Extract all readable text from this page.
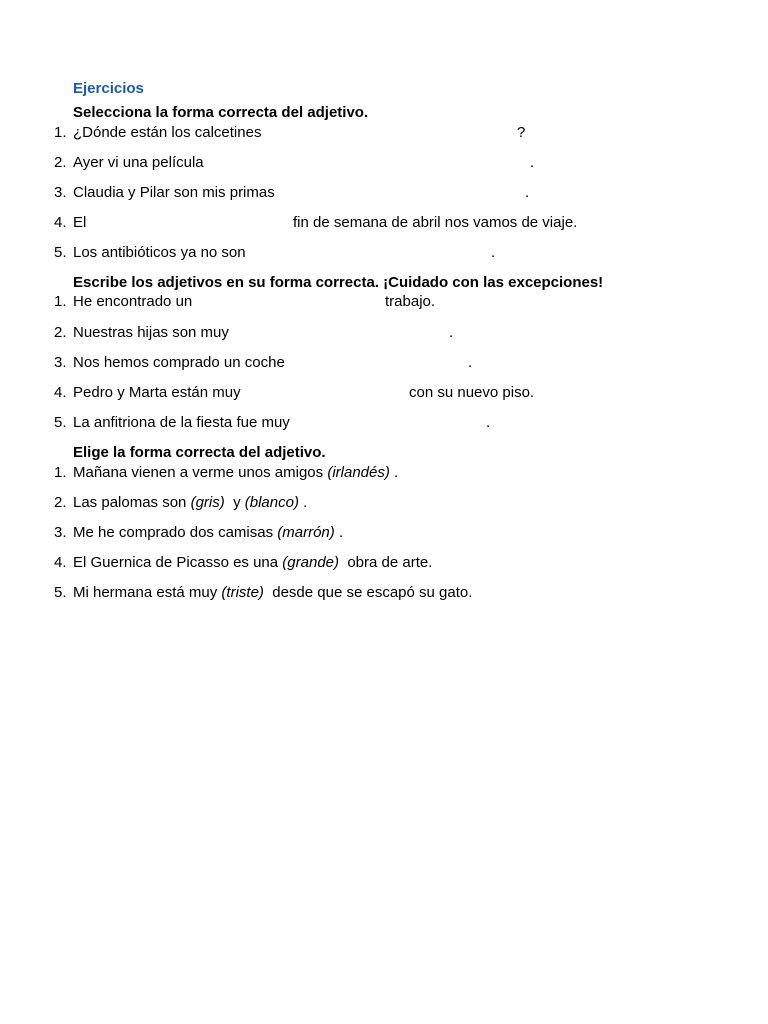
Ejercicios
Selecciona la forma correcta del adjetivo.
1. ¿Dónde están los calcetines	?
2. Ayer vi una película	.
3. Claudia y Pilar son mis primas	.
4. El	fin de semana de abril nos vamos de viaje.
5. Los antibióticos ya no son	.
Escribe los adjetivos en su forma correcta. ¡Cuidado con las excepciones!
1. He encontrado un	trabajo.
2. Nuestras hijas son muy	.
3. Nos hemos comprado un coche	.
4. Pedro y Marta están muy	con su nuevo piso.
5. La anfitriona de la fiesta fue muy	.
Elige la forma correcta del adjetivo.
1. Mañana vienen a verme unos amigos (irlandés) .
2. Las palomas son (gris) y (blanco) .
3. Me he comprado dos camisas (marrón) .
4. El Guernica de Picasso es una (grande) obra de arte.
5. Mi hermana está muy (triste) desde que se escapó su gato.
